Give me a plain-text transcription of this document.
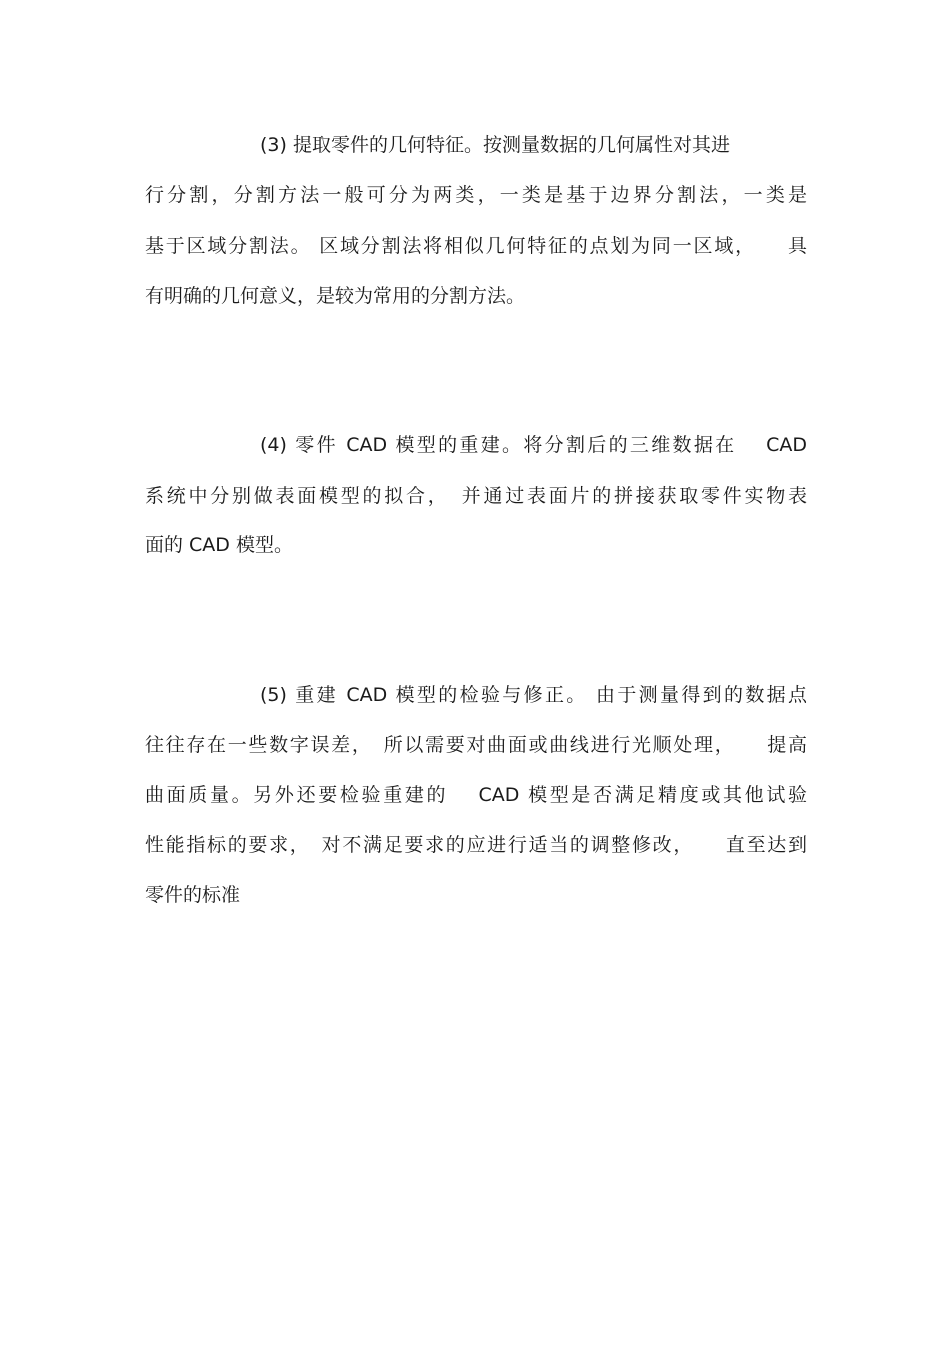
(3) 提取零件的几何特征。按测量数据的几何属性对其进
行分割，分割方法一般可分为两类，一类是基于边界分割法，一类是
基于区域分割法。 区域分割法将相似几何特征的点划为同一区域，　　具
有明确的几何意义，是较为常用的分割方法。
(4) 零件 CAD 模型的重建。将分割后的三维数据在　 CAD
系统中分别做表面模型的拟合，　并通过表面片的拼接获取零件实物表
面的 CAD 模型。
(5) 重建 CAD 模型的检验与修正。 由于测量得到的数据点
往往存在一些数字误差，　所以需要对曲面或曲线进行光顺处理，　　提高
曲面质量。另外还要检验重建的　 CAD 模型是否满足精度或其他试验
性能指标的要求，　对不满足要求的应进行适当的调整修改，　　直至达到
零件的标准
